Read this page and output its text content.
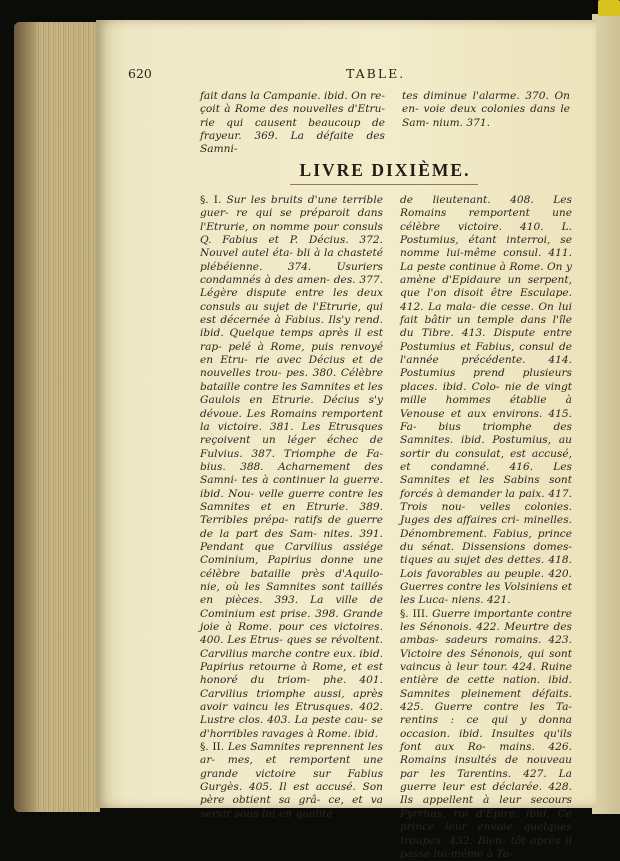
620	TABLE.

fait dans la Campanie. ibid. On re- çoit à Rome des nouvelles d'Etru- rie qui causent beaucoup de frayeur. 369. La défaite des Samni-

tes diminue l'alarme. 370. On en- voie deux colonies dans le Sam- nium. 371.

LIVRE DIXIÈME.

§. I. Sur les bruits d'une terrible guer- re qui se préparoit dans l'Etrurie, on nomme pour consuls Q. Fabius et P. Décius. 372. Nouvel autel éta- bli à la chasteté plébéienne. 374. Usuriers condamnés à des amen- des. 377. Légère dispute entre les deux consuls au sujet de l'Etrurie, qui est décernée à Fabius. Ils'y rend. ibid. Quelque temps après il est rap- pelé à Rome, puis renvoyé en Etru- rie avec Décius et de nouvelles trou- pes. 380. Célèbre bataille contre les Samnites et les Gaulois en Etrurie. Décius s'y dévoue. Les Romains remportent la victoire. 381. Les Etrusques reçoivent un léger échec de Fulvius. 387. Triomphe de Fa- bius. 388. Acharnement des Samni- tes à continuer la guerre. ibid. Nou- velle guerre contre les Samnites et en Etrurie. 389. Terribles prépa- ratifs de guerre de la part des Sam- nites. 391. Pendant que Carvilius assiége Cominium, Papirius donne une célèbre bataille près d'Aquilo- nie, où les Samnites sont taillés en pièces. 393. La ville de Cominium est prise. 398. Grande joie à Rome. pour ces victoires. 400. Les Etrus- ques se révoltent. Carvilius marche contre eux. ibid. Papirius retourne à Rome, et est honoré du triom- phe. 401. Carvilius triomphe aussi, après avoir vaincu les Etrusques. 402. Lustre clos. 403. La peste cau- se d'horribles ravages à Rome. ibid.

§. II. Les Samnites reprennent les ar- mes, et remportent une grande victoire sur Fabius Gurgès. 405. Il est accusé. Son père obtient sa grâ- ce, et va servir sous lui en qualité

de lieutenant. 408. Les Romains remportent une célèbre victoire. 410. L. Postumius, étant interroi, se nomme lui-même consul. 411. La peste continue à Rome. On y amène d'Epidaure un serpent, que l'on disoit être Esculape. 412. La mala- die cesse. On lui fait bâtir un temple dans l'île du Tibre. 413. Dispute entre Postumius et Fabius, consul de l'année précédente. 414. Postumius prend plusieurs places. ibid. Colo- nie de vingt mille hommes établie à Venouse et aux environs. 415. Fa- bius triomphe des Samnites. ibid. Postumius, au sortir du consulat, est accusé, et condamné. 416. Les Samnites et les Sabins sont forcés à demander la paix. 417. Trois nou- velles colonies. Juges des affaires cri- minelles. Dénombrement. Fabius, prince du sénat. Dissensions domes- tiques au sujet des dettes. 418. Lois favorables au peuple. 420. Guerres contre les Volsiniens et les Luca- niens. 421.

§. III. Guerre importante contre les Sénonois. 422. Meurtre des ambas- sadeurs romains. 423. Victoire des Sénonois, qui sont vaincus à leur tour. 424. Ruine entière de cette nation. ibid. Samnites pleinement défaits. 425. Guerre contre les Ta- rentins : ce qui y donna occasion. ibid. Insultes qu'ils font aux Ro- mains. 426. Romains insultés de nouveau par les Tarentins. 427. La guerre leur est déclarée. 428. Ils appellent à leur secours Pyrrhus, roi d'Epire. ibid. Ce prince leur envoie quelques troupes. 432. Bien- tôt après il passe lui-même à Ta-
